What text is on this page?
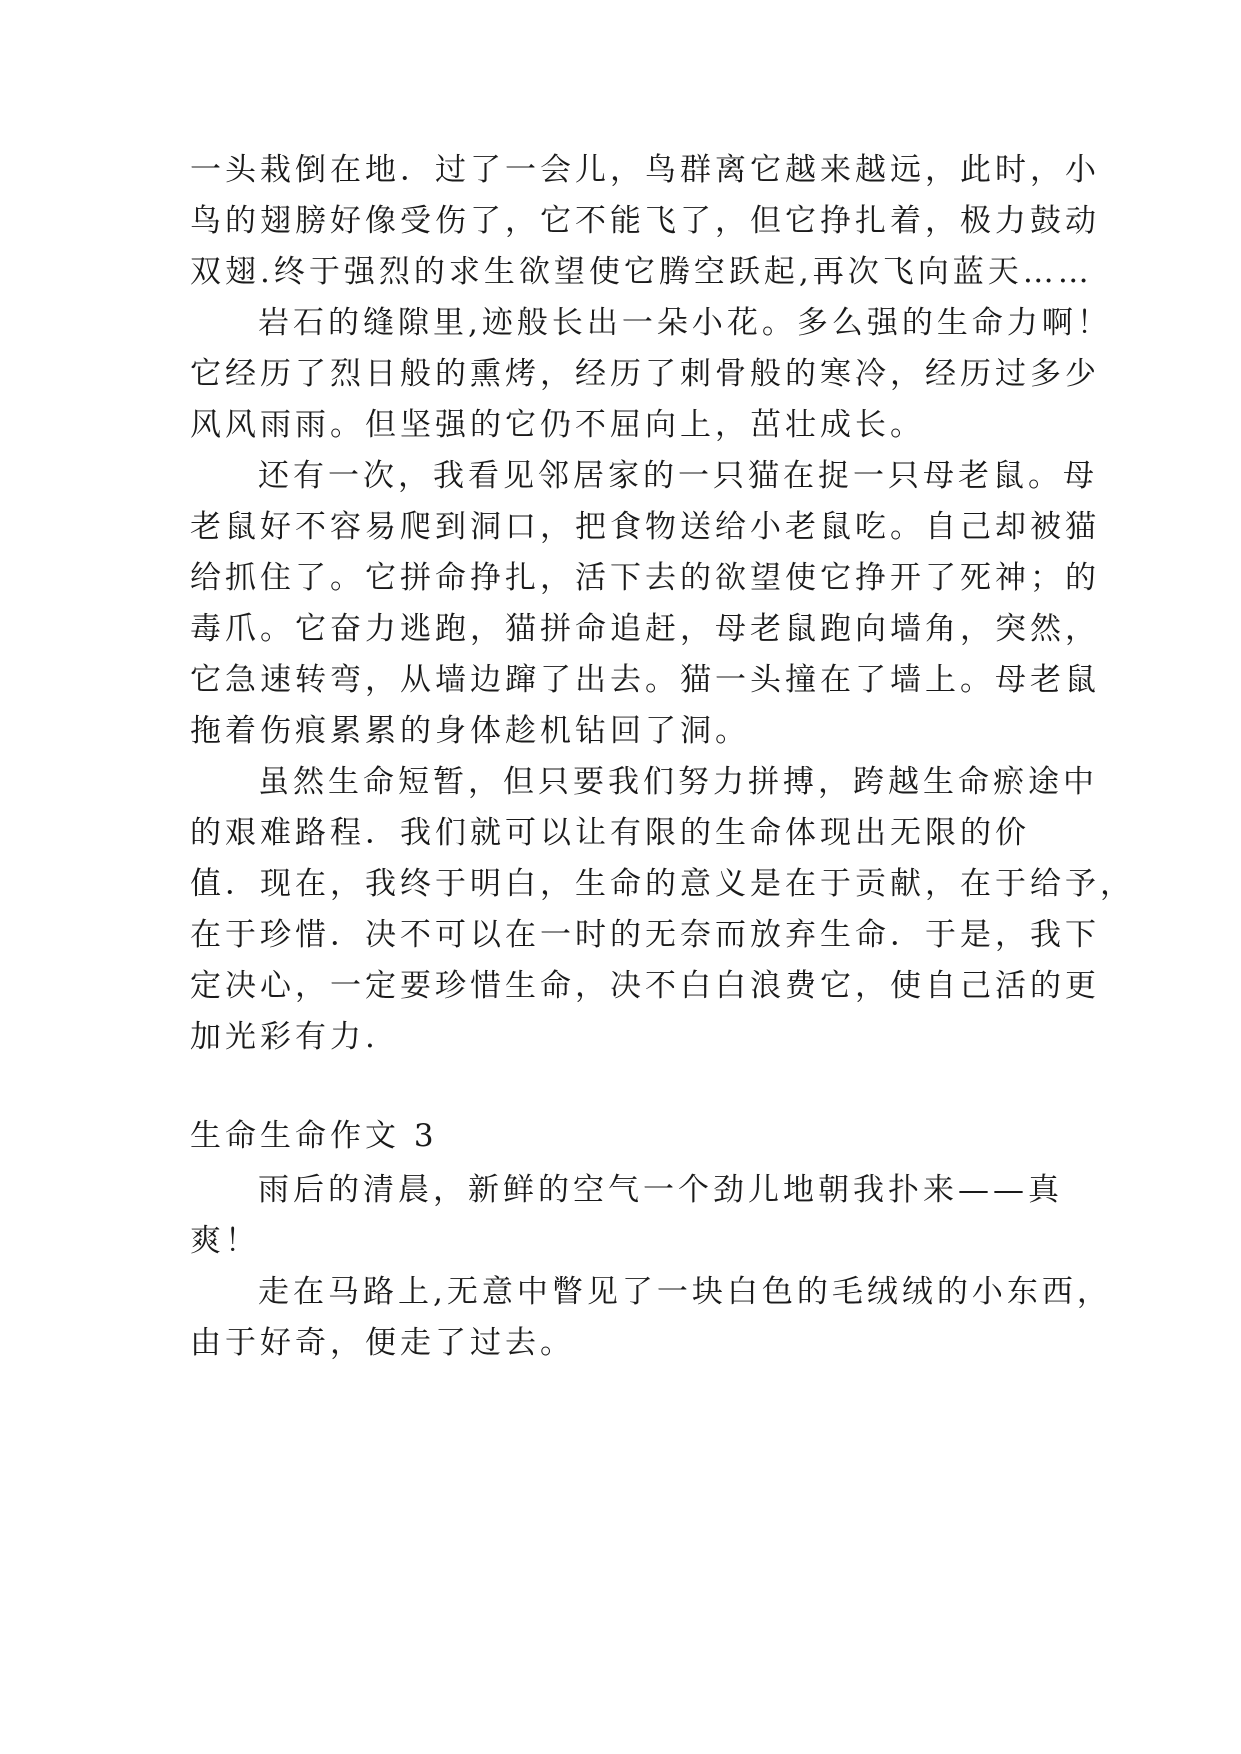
一头栽倒在地．过了一会儿，鸟群离它越来越远，此时，小
鸟的翅膀好像受伤了，它不能飞了，但它挣扎着，极力鼓动
双翅.终于强烈的求生欲望使它腾空跃起,再次飞向蓝天……
岩石的缝隙里,迹般长出一朵小花。多么强的生命力啊！
它经历了烈日般的熏烤，经历了刺骨般的寒冷，经历过多少
风风雨雨。但坚强的它仍不屈向上，茁壮成长。
还有一次，我看见邻居家的一只猫在捉一只母老鼠。母
老鼠好不容易爬到洞口，把食物送给小老鼠吃。自己却被猫
给抓住了。它拼命挣扎，活下去的欲望使它挣开了死神；的
毒爪。它奋力逃跑，猫拼命追赶，母老鼠跑向墙角，突然，
它急速转弯，从墙边蹿了出去。猫一头撞在了墙上。母老鼠
拖着伤痕累累的身体趁机钻回了洞。
虽然生命短暂，但只要我们努力拼搏，跨越生命瘀途中
的艰难路程．我们就可以让有限的生命体现出无限的价
值．现在，我终于明白，生命的意义是在于贡献，在于给予，
在于珍惜．决不可以在一时的无奈而放弃生命．于是，我下
定决心，一定要珍惜生命，决不白白浪费它，使自己活的更
加光彩有力.
生命生命作文 3
雨后的清晨，新鲜的空气一个劲儿地朝我扑来——真
爽！
走在马路上,无意中瞥见了一块白色的毛绒绒的小东西，
由于好奇，便走了过去。
